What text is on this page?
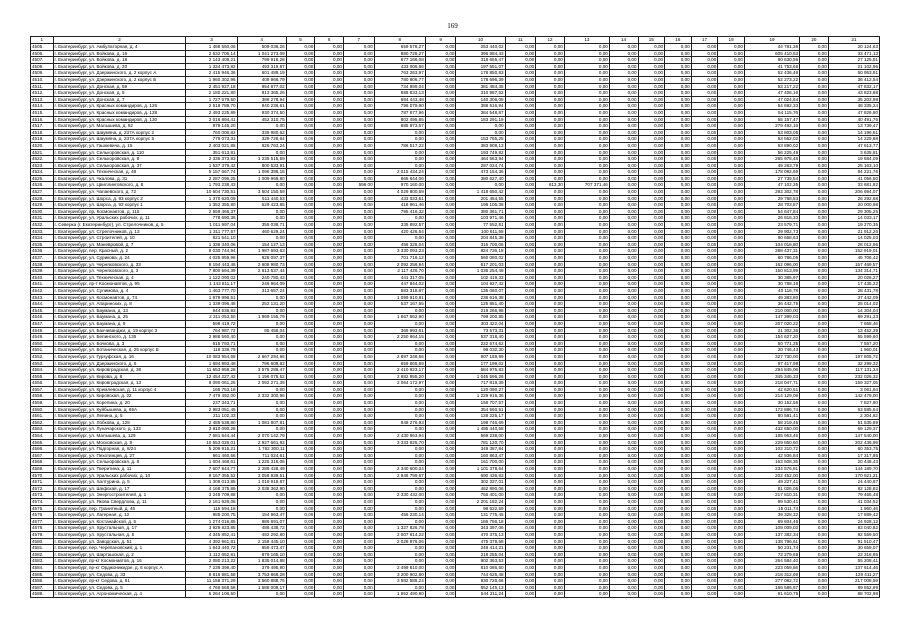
169
1	2	3	4	5	6	7	8	9	10	11	12	13	14	15	16	17	18	19	20	21
4505.	г. Екатеринбург, ул. Амбулаторная, д. 4	1 488 550,06	509 038,26	0,00	0,00	0,00	659 578,27	0,00	253 440,02	0,00	0,00	0,00	0,00	0,00	0,00	0,00	0,00	44 781,36	0,00	20 124,63
4506.	г. Екатеринбург, ул. Войкова, д. 16	2 532 705,14	1 041 273,09	0,00	0,00	0,00	880 726,27	0,00	396 984,43	0,00	0,00	0,00	0,00	0,00	0,00	0,00	0,00	605 410,53	0,00	33 471,13
4507.	г. Екатеринбург, ул. Войкова, д. 18	2 143 408,21	799 918,28	0,00	0,00	0,00	677 166,08	0,00	318 655,47	0,00	0,00	0,00	0,00	0,00	0,00	0,00	0,00	90 630,56	0,00	27 125,81
4508.	г. Екатеринбург, ул. Войкова, д. 20	1 334 473,82	493 319,87	0,00	0,00	0,00	433 006,66	0,00	197 551,07	0,00	0,00	0,00	0,00	0,00	0,00	0,00	0,00	41 753,66	0,00	21 102,96
4509.	г. Екатеринбург, ул. Дзержинского, д. 2 корпус А	2 415 946,36	601 489,19	0,00	0,00	0,00	763 263,97	0,00	178 850,83	0,00	0,00	0,00	0,00	0,00	0,00	0,00	0,00	52 436,46	0,00	50 953,81
4510.	г. Екатеринбург, ул. Дзержинского, д. 2 корпус Б	1 960 302,96	409 966,79	0,00	0,00	0,00	780 806,77	0,00	178 696,39	0,00	0,00	0,00	0,00	0,00	0,00	0,00	0,00	52 273,22	0,00	36 412,54
4511.	г. Екатеринбург, ул. Донская, д. 59	2 451 927,18	954 877,02	0,00	0,00	0,00	734 899,04	0,00	381 484,35	0,00	0,00	0,00	0,00	0,00	0,00	0,00	0,00	53 217,22	0,00	47 832,17
4512.	г. Екатеринбург, ул. Донская, д. 5	2 180 221,80	813 365,26	0,00	0,00	0,00	688 833,13	0,00	310 987,52	0,00	0,00	0,00	0,00	0,00	0,00	0,00	0,00	47 406,16	0,00	43 823,88
4513.	г. Екатеринбург, ул. Донская, д. 7	1 727 579,50	388 278,94	0,00	0,00	0,00	684 443,48	0,00	140 306,08	0,00	0,00	0,00	0,00	0,00	0,00	0,00	0,00	47 024,64	0,00	35 203,98
4514.	г. Екатеринбург, ул. Красных командиров, д. 126	2 519 789,70	940 236,61	0,00	0,00	0,00	796 079,90	0,00	388 516,94	0,00	0,00	0,00	0,00	0,00	0,00	0,00	0,00	54 692,33	0,00	48 335,24
4515.	г. Екатеринбург, ул. Красных командиров, д. 128	2 493 225,89	930 374,50	0,00	0,00	0,00	787 677,96	0,00	384 548,87	0,00	0,00	0,00	0,00	0,00	0,00	0,00	0,00	54 115,76	0,00	47 826,80
4516.	г. Екатеринбург, ул. Красных командиров, д. 130	2 016 894,41	452 310,75	0,00	0,00	0,00	802 495,65	0,00	183 291,19	0,00	0,00	0,00	0,00	0,00	0,00	0,00	0,00	55 157,47	0,00	40 491,76
4517.	г. Екатеринбург, ул. Малышева, д. 92	979 145,20	0,00	0,00	0,00	0,00	685 973,57	0,00	0,00	0,00	0,00	0,00	0,00	0,00	0,00	0,00	0,00	279 492,16	0,00	13 739,47
4518.	г. Екатеринбург, ул. Шаумяна, д. 237А корпус 2	760 006,82	335 980,62	0,00	0,00	0,00	0,00	0,00	0,00	0,00	0,00	0,00	0,00	0,00	0,00	0,00	0,00	53 803,05	0,00	14 196,81
4519.	г. Екатеринбург, ул. Шаумяна, д. 237А корпус 5	779 073,31	329 728,64	0,00	0,00	0,00	0,00	0,00	153 765,25	0,00	0,00	0,00	0,00	0,00	0,00	0,00	0,00	53 552,02	0,00	14 229,88
4520.	г. Екатеринбург, ул. Гашкевича, д. 15	2 403 021,85	926 763,24	0,00	0,00	0,00	786 517,22	0,00	383 908,13	0,00	0,00	0,00	0,00	0,00	0,00	0,00	0,00	53 890,02	0,00	47 613,77
4521.	г. Екатеринбург, ул. Селькоровская, д. 110	351 613,81	0,00	0,00	0,00	0,00	0,00	0,00	193 749,82	0,00	0,00	0,00	0,00	0,00	0,00	0,00	0,00	56 225,49	0,00	3 635,81
4522.	г. Екатеринбург, ул. Селькоровская, д. 8	2 335 373,83	1 235 515,59	0,00	0,00	0,00	0,00	0,00	464 563,94	0,00	0,00	0,00	0,00	0,00	0,00	0,00	0,00	265 978,48	0,00	19 684,09
4523.	г. Екатеринбург, ул. Селькоровская, д. 37	1 537 379,42	800 533,91	0,00	0,00	0,00	0,00	0,00	287 024,74	0,00	0,00	0,00	0,00	0,00	0,00	0,00	0,00	49 263,79	0,00	25 163,10
4524.	г. Екатеринбург, ул. Техническая, д. 48	5 157 667,74	1 096 396,15	0,00	0,00	0,00	2 015 434,24	0,00	473 154,36	0,00	0,00	0,00	0,00	0,00	0,00	0,00	0,00	178 092,69	0,00	84 221,76
4525.	г. Екатеринбург, ул. Чкалова, д. 31	2 287 096,25	1 009 969,80	0,00	0,00	0,00	865 644,06	0,00	380 627,40	0,00	0,00	0,00	0,00	0,00	0,00	0,00	0,00	27 739,54	0,00	41 056,50
4526.	г. Екатеринбург, ул. Цвиллинговского, д. 8	1 793 238,43	0,00	0,00	0,00	596 00	970 160,00	0,00	0,00	0,00	613,30	707 371,46	0,00	0,00	0,00	0,00	0,00	47 102,35	0,00	33 681,82
4527.	г. Екатеринбург, ул. Чапаевского, д. 72	10 604 730,51	3 504 150,59	0,00	0,00	0,00	4 029 800,59	0,00	1 418 650,42	0,00	0,00	0,00	0,00	0,00	0,00	0,00	0,00	292 302,78	0,00	206 694,07
4528.	г. Екатеринбург, ул. Шорса, д. 93 корпус 2	1 370 620,09	511 440,53	0,00	0,00	0,00	433 023,61	0,00	201 454,55	0,00	0,00	0,00	0,00	0,00	0,00	0,00	0,00	29 768,83	0,00	26 292,68
4529.	г. Екатеринбург, ул. Шорса, д. 93 корпус 1	1 352 355,80	529 423,85	0,00	0,00	0,00	418 961,46	0,00	198 106,38	0,00	0,00	0,00	0,00	0,00	0,00	0,00	0,00	28 703,87	0,00	20 000,98
4530.	г. Екатеринбург, пр. Космонавтов, д. 115	2 559 466,37	0,00	0,00	0,00	0,00	795 416,32	0,00	380 361,71	0,00	0,00	0,00	0,00	0,00	0,00	0,00	0,00	54 647,84	0,00	29 305,25
4531.	г. Екатеринбург, ул. Уральских рабочих, д. 11	778 690,36	0,00	0,00	0,00	0,00	0,00	0,00	103 971,46	0,00	0,00	0,00	0,00	0,00	0,00	0,00	0,00	26 816,33	0,00	14 033,17
4532.	г. Северка (г. Екатеринбург), ул. Стрелочников, д. 5	1 011 997,04	355 038,71	0,00	0,00	0,00	335 892,57	0,00	77 552,81	0,00	0,00	0,00	0,00	0,00	0,00	0,00	0,00	23 579,71	0,00	19 270,35
4533.	г. Екатеринбург, ул. Стрелочников, д. 13	1 311 777,57	460 629,24	0,00	0,00	0,00	420 426,54	0,00	100 611,58	0,00	0,00	0,00	0,00	0,00	0,00	0,00	0,00	29 902,73	0,00	21 912,26
4534.	г. Екатеринбург, ул. Строителей, д. 10	821 541,10	0,00	0,00	0,00	0,00	0,00	0,00	204 845,38	0,00	0,00	0,00	0,00	0,00	0,00	0,00	0,00	90 668,63	0,00	14 025,03
4535.	г. Екатеринбург, ул. Маневровой, д. 7	1 338 340,06	154 127,13	0,00	0,00	0,00	456 326,04	0,00	315 700,06	0,00	0,00	0,00	0,00	0,00	0,00	0,00	0,00	104 016,80	0,00	28 012,96
4536.	г. Екатеринбург, пер. Красный, д. 2	8 030 744,94	1 987 693,63	0,00	0,00	0,00	3 330 093,23	0,00	824 736,18	0,00	0,00	0,00	0,00	0,00	0,00	0,00	0,00	288 437,31	0,00	152 919,01
4537.	г. Екатеринбург, ул. Сурикова, д. 24	4 025 859,96	928 097,37	0,00	0,00	0,00	701 716,12	0,00	560 080,02	0,00	0,00	0,00	0,00	0,00	0,00	0,00	0,00	60 796,05	0,00	45 706,42
4538.	г. Екатеринбург, ул. Черняховского, д. 33	8 194 443,46	2 608 980,73	0,00	0,00	0,00	2 092 256,94	0,00	617 201,03	0,00	0,00	0,00	0,00	0,00	0,00	0,00	0,00	162 096,00	0,00	157 469,57
4539.	г. Екатеринбург, ул. Черняховского, д. 3	7 800 594,39	2 613 537,44	0,00	0,00	0,00	2 117 426,70	0,00	1 036 254,49	0,00	0,00	0,00	0,00	0,00	0,00	0,00	0,00	150 813,99	0,00	134 314,71
4540.	г. Екатеринбург, ул. Техническая, д. 4	1 122 090,02	240 780,43	0,00	0,00	0,00	441 317,05	0,00	102 419,33	0,00	0,00	0,00	0,00	0,00	0,00	0,00	0,00	30 385,97	0,00	20 026,27
4541.	г. Екатеринбург, пр-т Космонавтов, д. 95	1 143 811,17	246 964,09	0,00	0,00	0,00	447 844,02	0,00	104 927,42	0,00	0,00	0,00	0,00	0,00	0,00	0,00	0,00	30 788,16	0,00	17 435,22
4542.	г. Екатеринбург, ул. Сулимова, д. 4	1 463 777,70	313 657,24	0,00	0,00	0,00	583 318,87	0,00	136 060,07	0,00	0,00	0,00	0,00	0,00	0,00	0,00	0,00	40 116,78	0,00	28 431,78
4543.	г. Екатеринбург, ул. Космонавтов, д. 74	1 979 996,51	0,00	0,00	0,00	0,00	1 099 910,81	0,00	236 616,38	0,00	0,00	0,00	0,00	0,00	0,00	0,00	0,00	49 383,80	0,00	37 442,09
4544.	г. Екатеринбург, ул. Апаринских, д. 8	1 339 096,48	252 131,20	0,00	0,00	0,00	537 167,65	0,00	125 851,40	0,00	0,00	0,00	0,00	0,00	0,00	0,00	0,00	36 442,75	0,00	25 014,02
4545.	г. Екатеринбург, ул. Баумана, д. 13	944 536,93	0,00	0,00	0,00	0,00	0,00	0,00	219 266,98	0,00	0,00	0,00	0,00	0,00	0,00	0,00	0,00	210 000,00	0,00	14 304,04
4546.	г. Екатеринбург, ул. Баумана, д. 25	2 311 053,50	1 969 155,79	0,00	0,00	0,00	1 667 562,90	0,00	799 200,85	0,00	0,00	0,00	0,00	0,00	0,00	0,00	0,00	147 399,03	0,00	89 291,23
4547.	г. Екатеринбург, ул. Баумана, д. 9	598 419,72	0,00	0,00	0,00	0,00	0,00	0,00	303 422,04	0,00	0,00	0,00	0,00	0,00	0,00	0,00	0,00	207 020,22	0,00	7 668,46
4548.	г. Екатеринбург, ул. Бахчиванджи, д. 19 корпус 3	764 987,72	95 456,04	0,00	0,00	0,00	369 993,61	0,00	73 573,31	0,00	0,00	0,00	0,00	0,00	0,00	0,00	0,00	21 302,36	0,00	13 452,39
4549.	г. Екатеринбург, ул. Белинского, д. 135	2 988 560,40	0,00	0,00	0,00	0,00	2 250 664,15	0,00	537 318,40	0,00	0,00	0,00	0,00	0,00	0,00	0,00	0,00	154 627,20	0,00	55 599,60
4550.	г. Екатеринбург, ул. Бочкова, д. 3	615 793,71	0,00	0,00	0,00	0,00	0,00	0,00	222 574,62	0,00	0,00	0,00	0,00	0,00	0,00	0,00	0,00	50 771,35	0,00	7 557,20
4551.	г. Екатеринбург, ул. Ботаническая, д. 25 корпус Б	118 339,79	0,00	0,00	0,00	0,00	0,00	0,00	98 032,30	0,00	0,00	0,00	0,00	0,00	0,00	0,00	0,00	20 746,43	0,00	1 960,01
4552.	г. Екатеринбург, ул. Гурзуфская, д. 16	10 083 954,68	2 667 294,96	0,00	0,00	0,00	2 897 348,66	0,00	907 169,99	0,00	0,00	0,00	0,00	0,00	0,00	0,00	0,00	327 730,00	0,00	197 805,72
4553.	г. Екатеринбург, ул. Дзержинского, д. 6	1 694 993,48	796 608,82	0,00	0,00	0,00	659 865,69	0,00	177 199,02	0,00	0,00	0,00	0,00	0,00	0,00	0,00	0,00	97 417,98	0,00	32 299,32
4554.	г. Екатеринбург, ул. Кировградская, д. 38	11 653 958,28	3 575 286,47	0,00	0,00	0,00	2 410 923,17	0,00	584 975,83	0,00	0,00	0,00	0,00	0,00	0,00	0,00	0,00	294 845,06	0,00	117 131,24
4555.	г. Екатеринбург, ул. Кирова, д. 8	12 454 227,42	1 196 075,52	0,00	0,00	0,00	2 682 955,20	0,00	1 045 596,26	0,00	0,00	0,00	0,00	0,00	0,00	0,00	0,00	345 345,33	0,00	232 026,32
4556.	г. Екатеринбург, ул. Кировградская, д. 13	8 090 061,25	2 092 271,39	0,00	0,00	0,00	2 064 172,97	0,00	717 819,39	0,00	0,00	0,00	0,00	0,00	0,00	0,00	0,00	218 047,71	0,00	159 327,05
4557.	г. Екатеринбург, ул. Кремлевская, д. 11 корпус 4	165 753,18	0,00	0,00	0,00	0,00	0,00	0,00	120 090,27	0,00	0,00	0,00	0,00	0,00	0,00	0,00	0,00	42 620,51	0,00	3 061,84
4558.	г. Екатеринбург, ул. Кировская, д. 22	7 479 492,00	2 332 300,96	0,00	0,00	0,00	0,00	0,00	1 229 915,36	0,00	0,00	0,00	0,00	0,00	0,00	0,00	0,00	214 129,09	0,00	142 479,00
4559.	г. Екатеринбург, ул. Корепина, д. 20	237 343,71	0,00	0,00	0,00	0,00	0,00	0,00	158 707,57	0,00	0,00	0,00	0,00	0,00	0,00	0,00	0,00	30 152,56	0,00	7 827,80
4560.	г. Екатеринбург, ул. Куйбышева, д. 86А	2 983 051,45	0,00	0,00	0,00	0,00	0,00	0,00	354 560,51	0,00	0,00	0,00	0,00	0,00	0,00	0,00	0,00	172 886,74	0,00	63 585,54
4561.	г. Екатеринбург, ул. Ленина, д. 5	211 102,33	0,00	0,00	0,00	0,00	0,00	0,00	128 225,17	0,00	0,00	0,00	0,00	0,00	0,00	0,00	0,00	80 581,41	0,00	2 304,82
4562.	г. Екатеринбург, ул. Лобкова, д. 129	2 485 538,80	1 081 807,81	0,00	0,00	0,00	848 276,93	0,00	198 746,69	0,00	0,00	0,00	0,00	0,00	0,00	0,00	0,00	58 219,45	0,00	51 535,89
4563.	г. Екатеринбург, ул. Луначарского, д. 133	3 810 090,28	0,00	0,00	0,00	0,00	0,00	0,00	1 495 440,58	0,00	0,00	0,00	0,00	0,00	0,00	0,00	0,00	432 650,00	0,00	69 129,37
4564.	г. Екатеринбург, ул. Малышева, д. 129	7 681 644,44	2 070 142,79	0,00	0,00	0,00	2 430 963,94	0,00	569 238,00	0,00	0,00	0,00	0,00	0,00	0,00	0,00	0,00	165 953,45	0,00	147 540,00
4565.	г. Екатеринбург, ул. Московская, д. 8	10 553 026,01	2 927 661,92	0,00	0,00	0,00	3 333 925,70	0,00	781 120,70	0,00	0,00	0,00	0,00	0,00	0,00	0,00	0,00	229 850,60	0,00	202 436,99
4566.	г. Екатеринбург, ул. Подгорная, д. 8/24	5 209 915,21	1 762 300,11	0,00	0,00	0,00	0,00	0,00	349 387,84	0,00	0,00	0,00	0,00	0,00	0,00	0,00	0,00	102 310,72	0,00	60 353,75
4567.	г. Екатеринбург, ул. Пехотинцев, д. 27	961 460,56	711 024,61	0,00	0,00	0,00	0,00	0,00	160 863,47	0,00	0,00	0,00	0,00	0,00	0,00	0,00	0,00	42 936,84	0,00	17 317,85
4568.	г. Екатеринбург, ул. Селькоровская, д. 8	1 004 468,61	1 225 316,06	0,00	0,00	0,00	0,00	0,00	161 700,00	0,00	0,00	0,00	0,00	0,00	0,00	0,00	0,00	163 508,35	0,00	20 448,43
4569.	г. Екатеринбург, ул. Тверитина, д. 11	7 607 944,77	2 289 428,49	0,00	0,00	0,00	2 340 600,04	0,00	1 101 378,64	0,00	0,00	0,00	0,00	0,00	0,00	0,00	0,00	234 576,81	0,00	144 189,70
4570.	г. Екатеринбург, ул. Уральских рабочих, д. 10	9 167 355,52	3 056 839,51	0,00	0,00	0,00	2 946 799,67	0,00	690 436,83	0,00	0,00	0,00	0,00	0,00	0,00	0,00	0,00	202 452,00	0,00	170 921,21
4571.	г. Екатеринбург, ул. Халтурина, д. 5	1 308 013,85	1 019 919,87	0,00	0,00	0,00	0,00	0,00	302 337,01	0,00	0,00	0,00	0,00	0,00	0,00	0,00	0,00	49 227,41	0,00	24 440,87
4572.	г. Екатеринбург, ул. Шефская, д. 17	4 168 375,89	2 038 362,90	0,00	0,00	0,00	0,00	0,00	462 890,06	0,00	0,00	0,00	0,00	0,00	0,00	0,00	0,00	81 026,06	0,00	82 128,82
4573.	г. Екатеринбург, ул. Энергостроителей, д. 1	3 245 709,88	0,00	0,00	0,00	0,00	2 330 432,00	0,00	756 401,00	0,00	0,00	0,00	0,00	0,00	0,00	0,00	0,00	217 810,31	0,00	79 466,48
4574.	г. Екатеринбург, ул. Якова Свердлова, д. 11	2 161 926,06	0,00	0,00	0,00	0,00	0,00	0,00	2 201 182,24	0,00	0,00	0,00	0,00	0,00	0,00	0,00	0,00	99 530,41	0,00	41 034,52
4575.	г. Екатеринбург, пер. Гранитный, д. 45	115 594,18	0,00	0,00	0,00	0,00	0,00	0,00	98 622,59	0,00	0,00	0,00	0,00	0,00	0,00	0,00	0,00	15 011,74	0,00	1 960,45
4576.	г. Екатеринбург, ул. Лагерная, д. 12	985 200,75	154 963,47	0,00	0,00	0,00	456 230,14	0,00	131 775,45	0,00	0,00	0,00	0,00	0,00	0,00	0,00	0,00	39 328,32	0,00	17 889,42
4577.	г. Екатеринбург, ул. Костанайской, д. 5	1 274 016,85	986 691,07	0,00	0,00	0,00	0,00	0,00	166 756,18	0,00	0,00	0,00	0,00	0,00	0,00	0,00	0,00	69 604,46	0,00	24 928,12
4578.	г. Екатеринбург, ул. Хрустальная, д. 17	3 929 823,85	486 438,72	0,00	0,00	0,00	1 327 826,78	0,00	343 397,06	0,00	0,00	0,00	0,00	0,00	0,00	0,00	0,00	109 009,03	0,00	93 040,82
4579.	г. Екатеринбург, ул. Хрустальная, д. 5	4 345 852,41	492 292,80	0,00	0,00	0,00	2 007 614,22	0,00	470 375,13	0,00	0,00	0,00	0,00	0,00	0,00	0,00	0,00	137 382,34	0,00	82 559,50
4580.	г. Екатеринбург, ул. Заводская, д. 51	4 392 961,81	2 158 445,10	0,00	0,00	0,00	2 028 976,06	0,00	475 378,58	0,00	0,00	0,00	0,00	0,00	0,00	0,00	0,00	138 796,61	0,00	91 510,47
4581.	г. Екатеринбург, пер. Черепановский, д. 1	1 643 440,72	659 473,47	0,00	0,00	0,00	0,00	0,00	248 414,21	0,00	0,00	0,00	0,00	0,00	0,00	0,00	0,00	50 231,74	0,00	30 659,07
4582.	г. Екатеринбург, ул. Шарташская, д. 2	1 112 652,81	879 165,10	0,00	0,00	0,00	0,00	0,00	218 255,04	0,00	0,00	0,00	0,00	0,00	0,00	0,00	0,00	73 279,69	0,00	22 316,85
4583.	г. Екатеринбург, пр-кт Космонавтов, д. 16	2 080 213,22	1 835 014,88	0,00	0,00	0,00	0,00	0,00	902 363,53	0,00	0,00	0,00	0,00	0,00	0,00	0,00	0,00	264 584,40	0,00	55 208,41
4584.	г. Екатеринбург, пр-кт Орджоникидзе, д. 6 корпус А	7 239 399,40	379 495,90	0,00	0,00	0,00	2 499 810,00	0,00	810 086,50	0,00	0,00	0,00	0,00	0,00	0,00	0,00	0,00	223 059,86	0,00	137 614,46
4585.	г. Екатеринбург, ул. Седова, д. 33	8 816 881,58	3 753 866,28	0,00	0,00	0,00	3 200 902,80	0,00	744 625,48	0,00	0,00	0,00	0,00	0,00	0,00	0,00	0,00	218 312,69	0,00	129 411,27
4586.	г. Екатеринбург, пр-кт Седова, д. 61	11 158 371,29	3 560 888,75	0,00	0,00	0,00	3 582 588,24	0,00	930 726,66	0,00	0,00	0,00	0,00	0,00	0,00	0,00	0,00	277 082,72	0,00	217 008,59
4587.	г. Екатеринбург, ул. Седова, д. 5	4 766 568,58	1 588 008,17	0,00	0,00	0,00	0,00	0,00	652 145,13	0,00	0,00	0,00	0,00	0,00	0,00	0,00	0,00	166 586,57	0,00	89 552,89
4588.	г. Екатеринбург, ул. Агрономическая, д. 4	5 264 106,50	0,00	0,00	0,00	0,00	1 952 490,90	0,00	544 211,24	0,00	0,00	0,00	0,00	0,00	0,00	0,00	0,00	91 610,75	0,00	88 702,98
